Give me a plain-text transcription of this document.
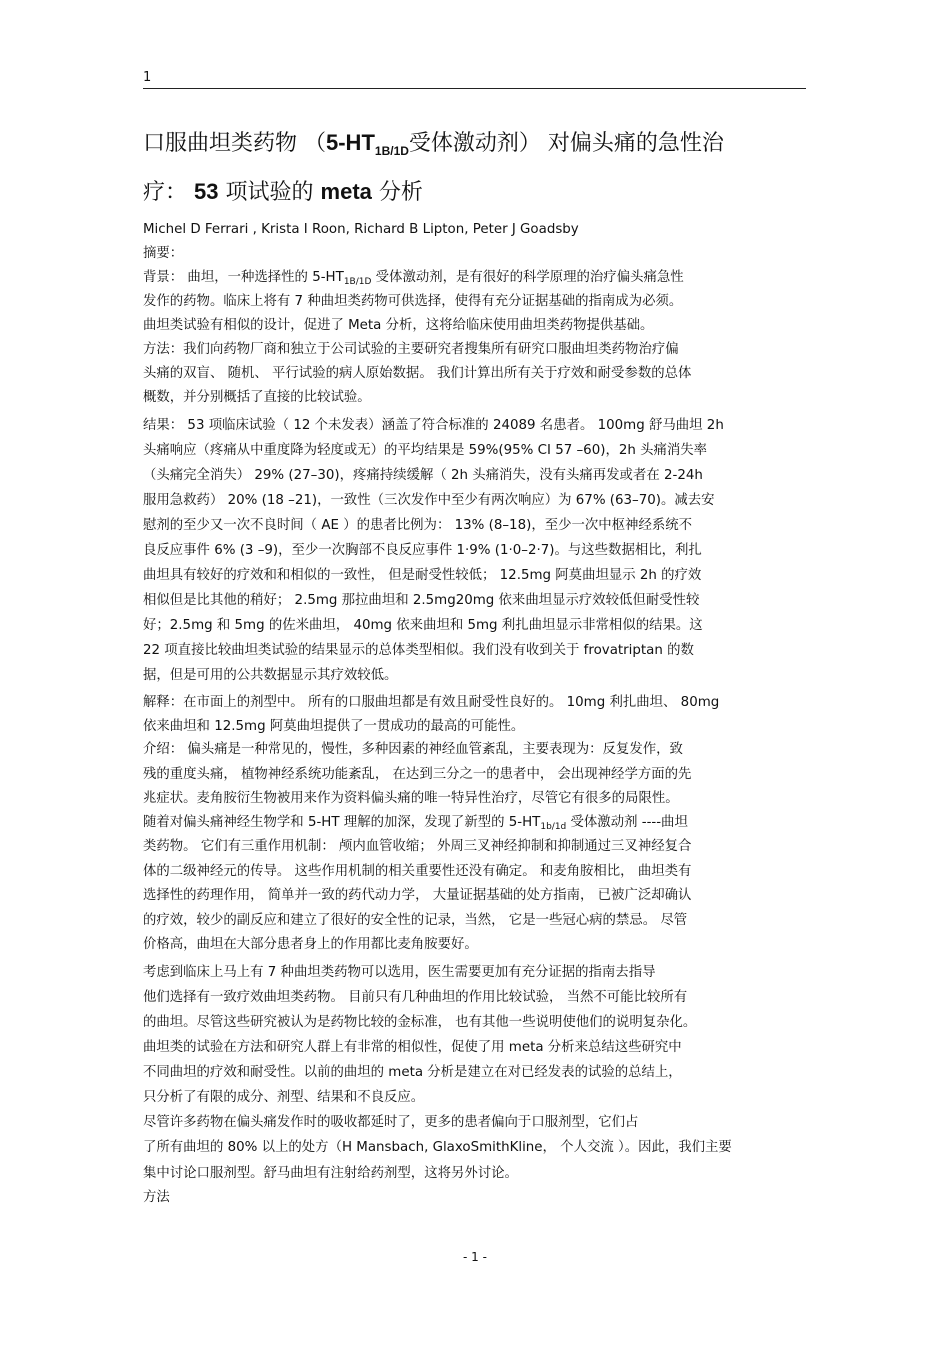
1
口服曲坦类药物 （$5-HT_{1B/1D}$受体激动剂） 对偏头痛的急性治
疗： 53 项试验的 meta 分析
Michel D Ferrari , Krista I Roon, Richard B Lipton, Peter J Goadsby
摘要：
背景： 曲坦，一种选择性的 $5-HT_{1B/1D}$ 受体激动剂，是有很好的科学原理的治疗偏头痛急性
发作的药物。临床上将有 7 种曲坦类药物可供选择，使得有充分证据基础的指南成为必须。
曲坦类试验有相似的设计，促进了 Meta 分析，这将给临床使用曲坦类药物提供基础。
方法：我们向药物厂商和独立于公司试验的主要研究者搜集所有研究口服曲坦类药物治疗偏
头痛的双盲、 随机、 平行试验的病人原始数据。 我们计算出所有关于疗效和耐受参数的总体
概数，并分别概括了直接的比较试验。
结果： 53 项临床试验（ 12 个未发表）涵盖了符合标准的 24089 名患者。 100mg 舒马曲坦 2h
头痛响应（疼痛从中重度降为轻度或无）的平均结果是 59%(95% CI 57 –60)，2h 头痛消失率
（头痛完全消失） 29% (27–30)，疼痛持续缓解（ 2h 头痛消失，没有头痛再发或者在 2-24h
服用急救药） 20% (18 –21)，一致性（三次发作中至少有两次响应）为 67% (63–70)。减去安
慰剂的至少又一次不良时间（ AE ）的患者比例为： 13% (8–18)，至少一次中枢神经系统不
良反应事件 6% (3 –9)，至少一次胸部不良反应事件 1·9% (1·0–2·7)。与这些数据相比，利扎
曲坦具有较好的疗效和和相似的一致性， 但是耐受性较低； 12.5mg 阿莫曲坦显示 2h 的疗效
相似但是比其他的稍好； 2.5mg 那拉曲坦和 2.5mg20mg 依来曲坦显示疗效较低但耐受性较
好；2.5mg 和 5mg 的佐米曲坦， 40mg 依来曲坦和 5mg 利扎曲坦显示非常相似的结果。这
22 项直接比较曲坦类试验的结果显示的总体类型相似。我们没有收到关于 frovatriptan 的数
据，但是可用的公共数据显示其疗效较低。
解释：在市面上的剂型中。 所有的口服曲坦都是有效且耐受性良好的。 10mg 利扎曲坦、 80mg
依来曲坦和 12.5mg 阿莫曲坦提供了一贯成功的最高的可能性。
介绍： 偏头痛是一种常见的，慢性，多种因素的神经血管紊乱，主要表现为：反复发作，致
残的重度头痛， 植物神经系统功能紊乱， 在达到三分之一的患者中， 会出现神经学方面的先
兆症状。麦角胺衍生物被用来作为资料偏头痛的唯一特异性治疗，尽管它有很多的局限性。
随着对偏头痛神经生物学和 5-HT 理解的加深，发现了新型的 $5-HT_{1b/1d}$ 受体激动剂 ----曲坦
类药物。 它们有三重作用机制： 颅内血管收缩； 外周三叉神经抑制和抑制通过三叉神经复合
体的二级神经元的传导。 这些作用机制的相关重要性还没有确定。 和麦角胺相比， 曲坦类有
选择性的药理作用， 简单并一致的药代动力学， 大量证据基础的处方指南， 已被广泛却确认
的疗效，较少的副反应和建立了很好的安全性的记录，当然， 它是一些冠心病的禁忌。 尽管
价格高，曲坦在大部分患者身上的作用都比麦角胺要好。
考虑到临床上马上有 7 种曲坦类药物可以选用，医生需要更加有充分证据的指南去指导
他们选择有一致疗效曲坦类药物。 目前只有几种曲坦的作用比较试验， 当然不可能比较所有
的曲坦。尽管这些研究被认为是药物比较的金标准， 也有其他一些说明使他们的说明复杂化。
曲坦类的试验在方法和研究人群上有非常的相似性，促使了用 meta 分析来总结这些研究中
不同曲坦的疗效和耐受性。以前的曲坦的 meta 分析是建立在对已经发表的试验的总结上，
只分析了有限的成分、剂型、结果和不良反应。
尽管许多药物在偏头痛发作时的吸收都延时了，更多的患者偏向于口服剂型，它们占
了所有曲坦的 80% 以上的处方（H Mansbach, GlaxoSmithKline， 个人交流 ）。因此，我们主要
集中讨论口服剂型。舒马曲坦有注射给药剂型，这将另外讨论。
方法
- 1 -
